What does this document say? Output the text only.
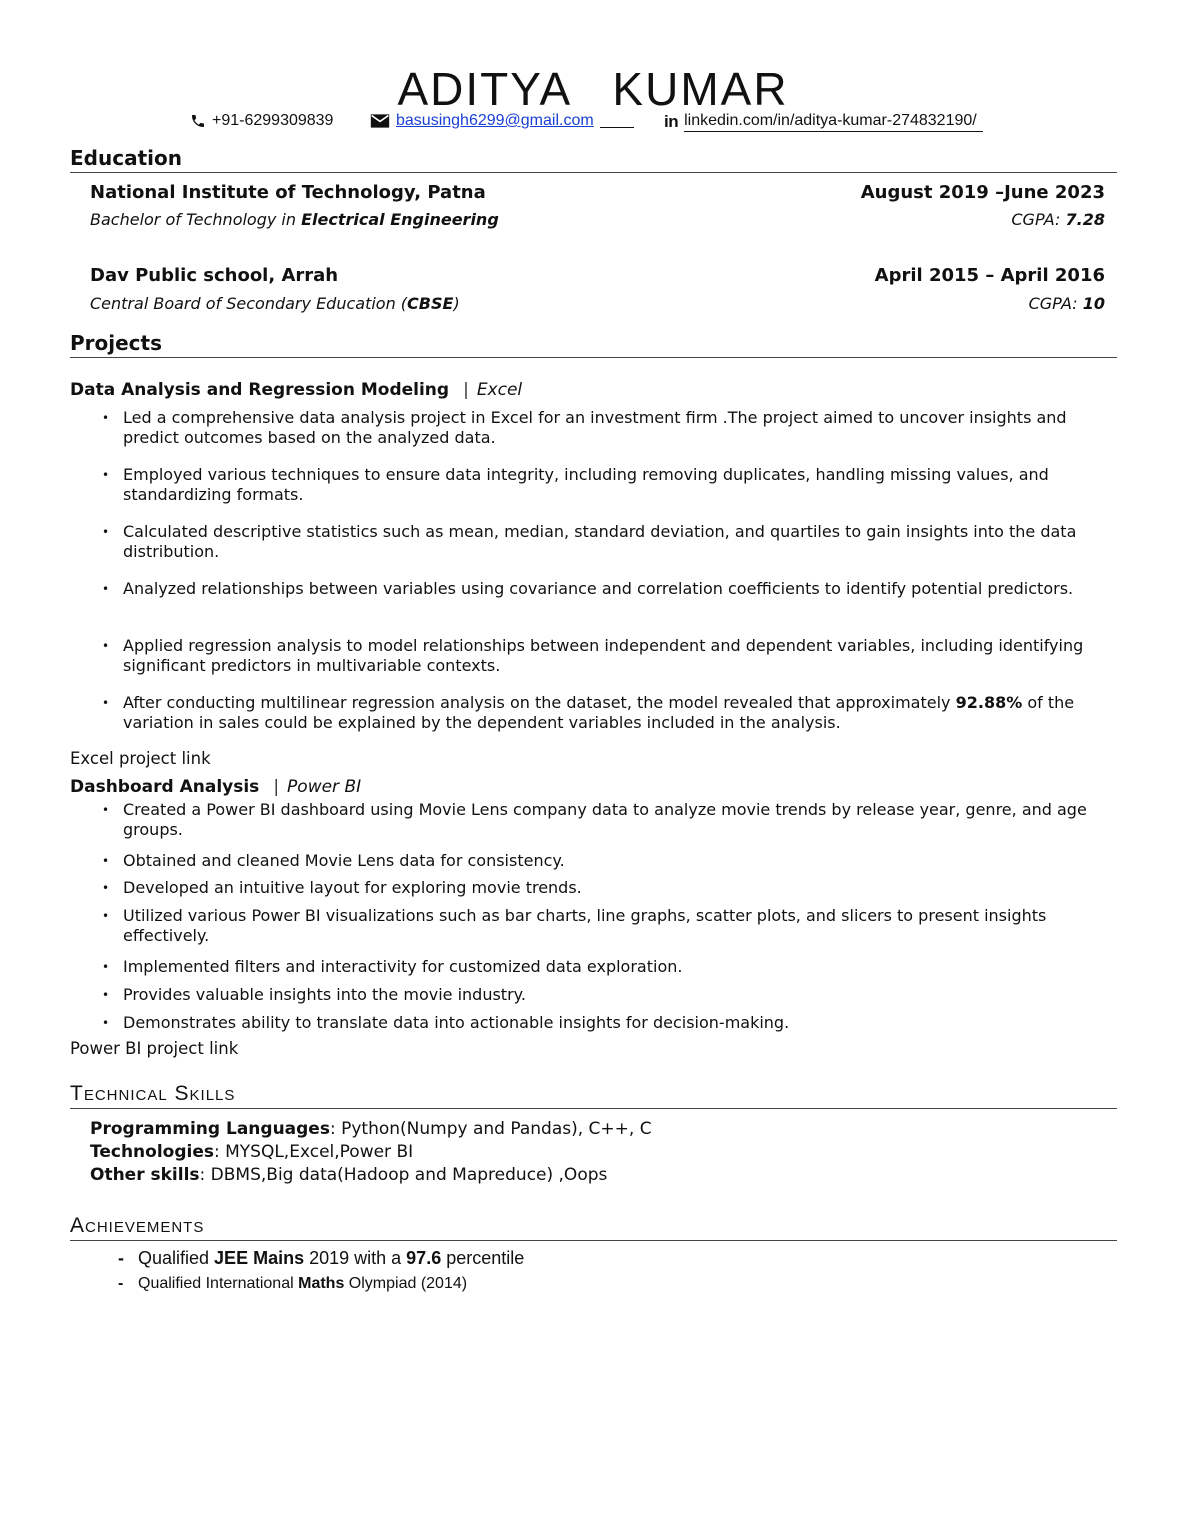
ADITYA KUMAR
+91-6299309839	basusingh6299@gmail.com	in linkedin.com/in/aditya-kumar-274832190/
Education
National Institute of Technology, Patna	August 2019 –June 2023
Bachelor of Technology in Electrical Engineering	CGPA: 7.28
Dav Public school, Arrah	April 2015 – April 2016
Central Board of Secondary Education (CBSE)	CGPA: 10
Projects
Data Analysis and Regression Modeling | Excel
• Led a comprehensive data analysis project in Excel for an investment firm .The project aimed to uncover insights and predict outcomes based on the analyzed data.
• Employed various techniques to ensure data integrity, including removing duplicates, handling missing values, and standardizing formats.
• Calculated descriptive statistics such as mean, median, standard deviation, and quartiles to gain insights into the data distribution.
• Analyzed relationships between variables using covariance and correlation coefficients to identify potential predictors.
• Applied regression analysis to model relationships between independent and dependent variables, including identifying significant predictors in multivariable contexts.
• After conducting multilinear regression analysis on the dataset, the model revealed that approximately 92.88% of the variation in sales could be explained by the dependent variables included in the analysis.
Excel project link
Dashboard Analysis | Power BI
• Created a Power BI dashboard using Movie Lens company data to analyze movie trends by release year, genre, and age groups.
• Obtained and cleaned Movie Lens data for consistency.
• Developed an intuitive layout for exploring movie trends.
• Utilized various Power BI visualizations such as bar charts, line graphs, scatter plots, and slicers to present insights effectively.
• Implemented filters and interactivity for customized data exploration.
• Provides valuable insights into the movie industry.
• Demonstrates ability to translate data into actionable insights for decision-making.
Power BI project link
Technical Skills
Programming Languages: Python(Numpy and Pandas), C++, C
Technologies: MYSQL,Excel,Power BI
Other skills: DBMS,Big data(Hadoop and Mapreduce) ,Oops
Achievements
- Qualified JEE Mains 2019 with a 97.6 percentile
- Qualified International Maths Olympiad (2014)
